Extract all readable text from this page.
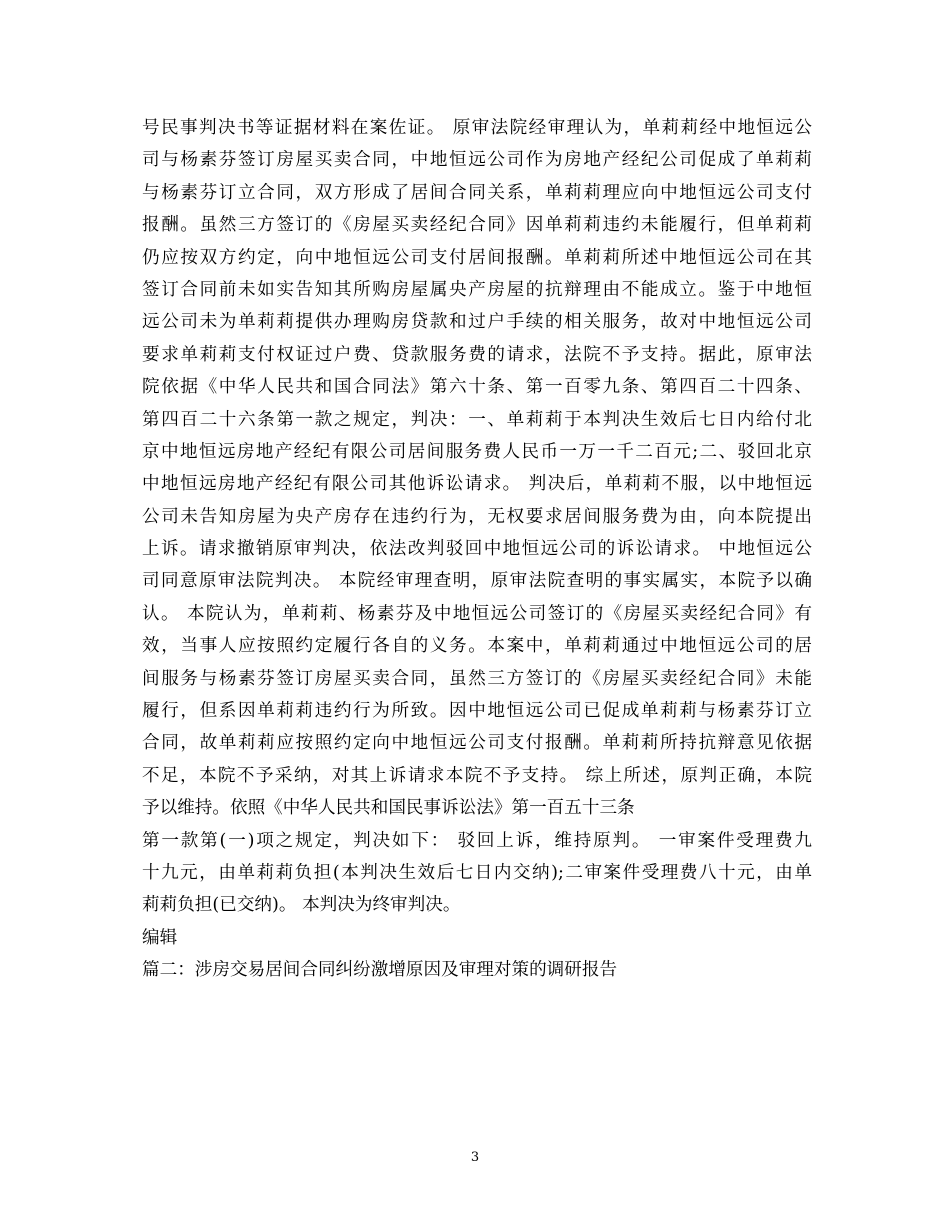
号民事判决书等证据材料在案佐证。 原审法院经审理认为，单莉莉经中地恒远公
司与杨素芬签订房屋买卖合同，中地恒远公司作为房地产经纪公司促成了单莉莉
与杨素芬订立合同，双方形成了居间合同关系，单莉莉理应向中地恒远公司支付
报酬。虽然三方签订的《房屋买卖经纪合同》因单莉莉违约未能履行，但单莉莉
仍应按双方约定，向中地恒远公司支付居间报酬。单莉莉所述中地恒远公司在其
签订合同前未如实告知其所购房屋属央产房屋的抗辩理由不能成立。鉴于中地恒
远公司未为单莉莉提供办理购房贷款和过户手续的相关服务，故对中地恒远公司
要求单莉莉支付权证过户费、贷款服务费的请求，法院不予支持。据此，原审法
院依据《中华人民共和国合同法》第六十条、第一百零九条、第四百二十四条、
第四百二十六条第一款之规定，判决：一、单莉莉于本判决生效后七日内给付北
京中地恒远房地产经纪有限公司居间服务费人民币一万一千二百元;二、驳回北京
中地恒远房地产经纪有限公司其他诉讼请求。 判决后，单莉莉不服，以中地恒远
公司未告知房屋为央产房存在违约行为，无权要求居间服务费为由，向本院提出
上诉。请求撤销原审判决，依法改判驳回中地恒远公司的诉讼请求。 中地恒远公
司同意原审法院判决。 本院经审理查明，原审法院查明的事实属实，本院予以确
认。 本院认为，单莉莉、杨素芬及中地恒远公司签订的《房屋买卖经纪合同》有
效，当事人应按照约定履行各自的义务。本案中，单莉莉通过中地恒远公司的居
间服务与杨素芬签订房屋买卖合同，虽然三方签订的《房屋买卖经纪合同》未能
履行，但系因单莉莉违约行为所致。因中地恒远公司已促成单莉莉与杨素芬订立
合同，故单莉莉应按照约定向中地恒远公司支付报酬。单莉莉所持抗辩意见依据
不足，本院不予采纳，对其上诉请求本院不予支持。 综上所述，原判正确，本院
予以维持。依照《中华人民共和国民事诉讼法》第一百五十三条
第一款第(一)项之规定，判决如下： 驳回上诉，维持原判。 一审案件受理费九
十九元，由单莉莉负担(本判决生效后七日内交纳);二审案件受理费八十元，由单
莉莉负担(已交纳)。 本判决为终审判决。
编辑
篇二：涉房交易居间合同纠纷激增原因及审理对策的调研报告
3
